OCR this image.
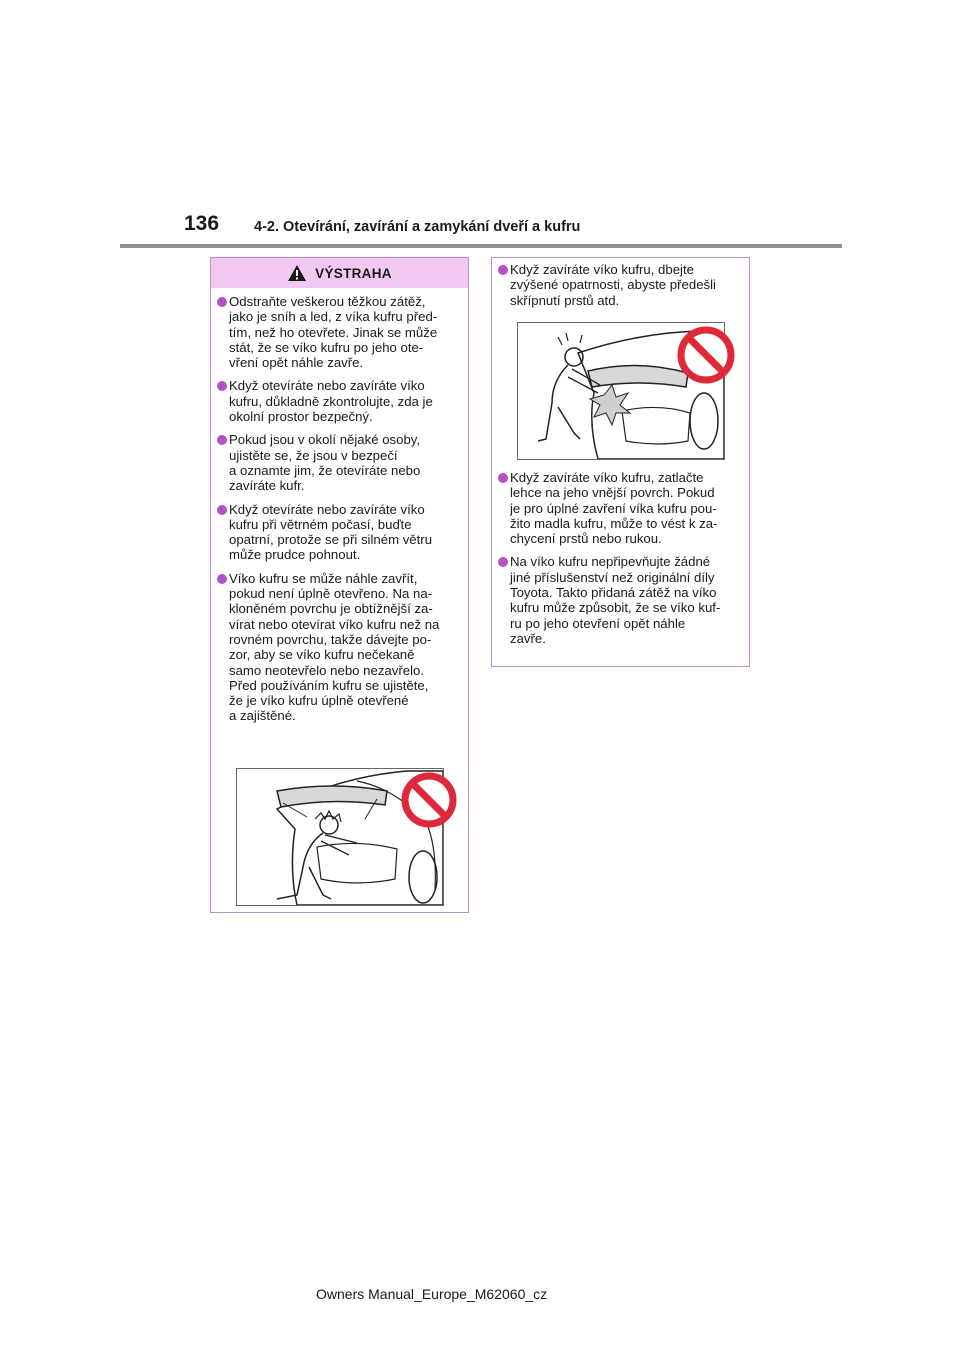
136 4-2. Otevírání, zavírání a zamykání dveří a kufru
VÝSTRAHA
Odstraňte veškerou těžkou zátěž,
jako je sníh a led, z víka kufru před-
tím, než ho otevřete. Jinak se může
stát, že se víko kufru po jeho ote-
vření opět náhle zavře.
Když otevíráte nebo zavíráte víko
kufru, důkladně zkontrolujte, zda je
okolní prostor bezpečný.
Pokud jsou v okolí nějaké osoby,
ujistěte se, že jsou v bezpečí
a oznamte jim, že otevíráte nebo
zavíráte kufr.
Když otevíráte nebo zavíráte víko
kufru při větrném počasí, buďte
opatrní, protože se při silném větru
může prudce pohnout.
Víko kufru se může náhle zavřít,
pokud není úplně otevřeno. Na na-
kloněném povrchu je obtížnější za-
vírat nebo otevírat víko kufru než na
rovném povrchu, takže dávejte po-
zor, aby se víko kufru nečekaně
samo neotevřelo nebo nezavřelo.
Před používáním kufru se ujistěte,
že je víko kufru úplně otevřené
a zajištěné.
Když zavíráte víko kufru, dbejte
zvýšené opatrnosti, abyste předešli
skřípnutí prstů atd.
Když zavíráte víko kufru, zatlačte
lehce na jeho vnější povrch. Pokud
je pro úplné zavření víka kufru pou-
žito madla kufru, může to vést k za-
chycení prstů nebo rukou.
Na víko kufru nepřipevňujte žádné
jiné příslušenství než originální díly
Toyota. Takto přidaná zátěž na víko
kufru může způsobit, že se víko kuf-
ru po jeho otevření opět náhle
zavře.
Owners Manual_Europe_M62060_cz
